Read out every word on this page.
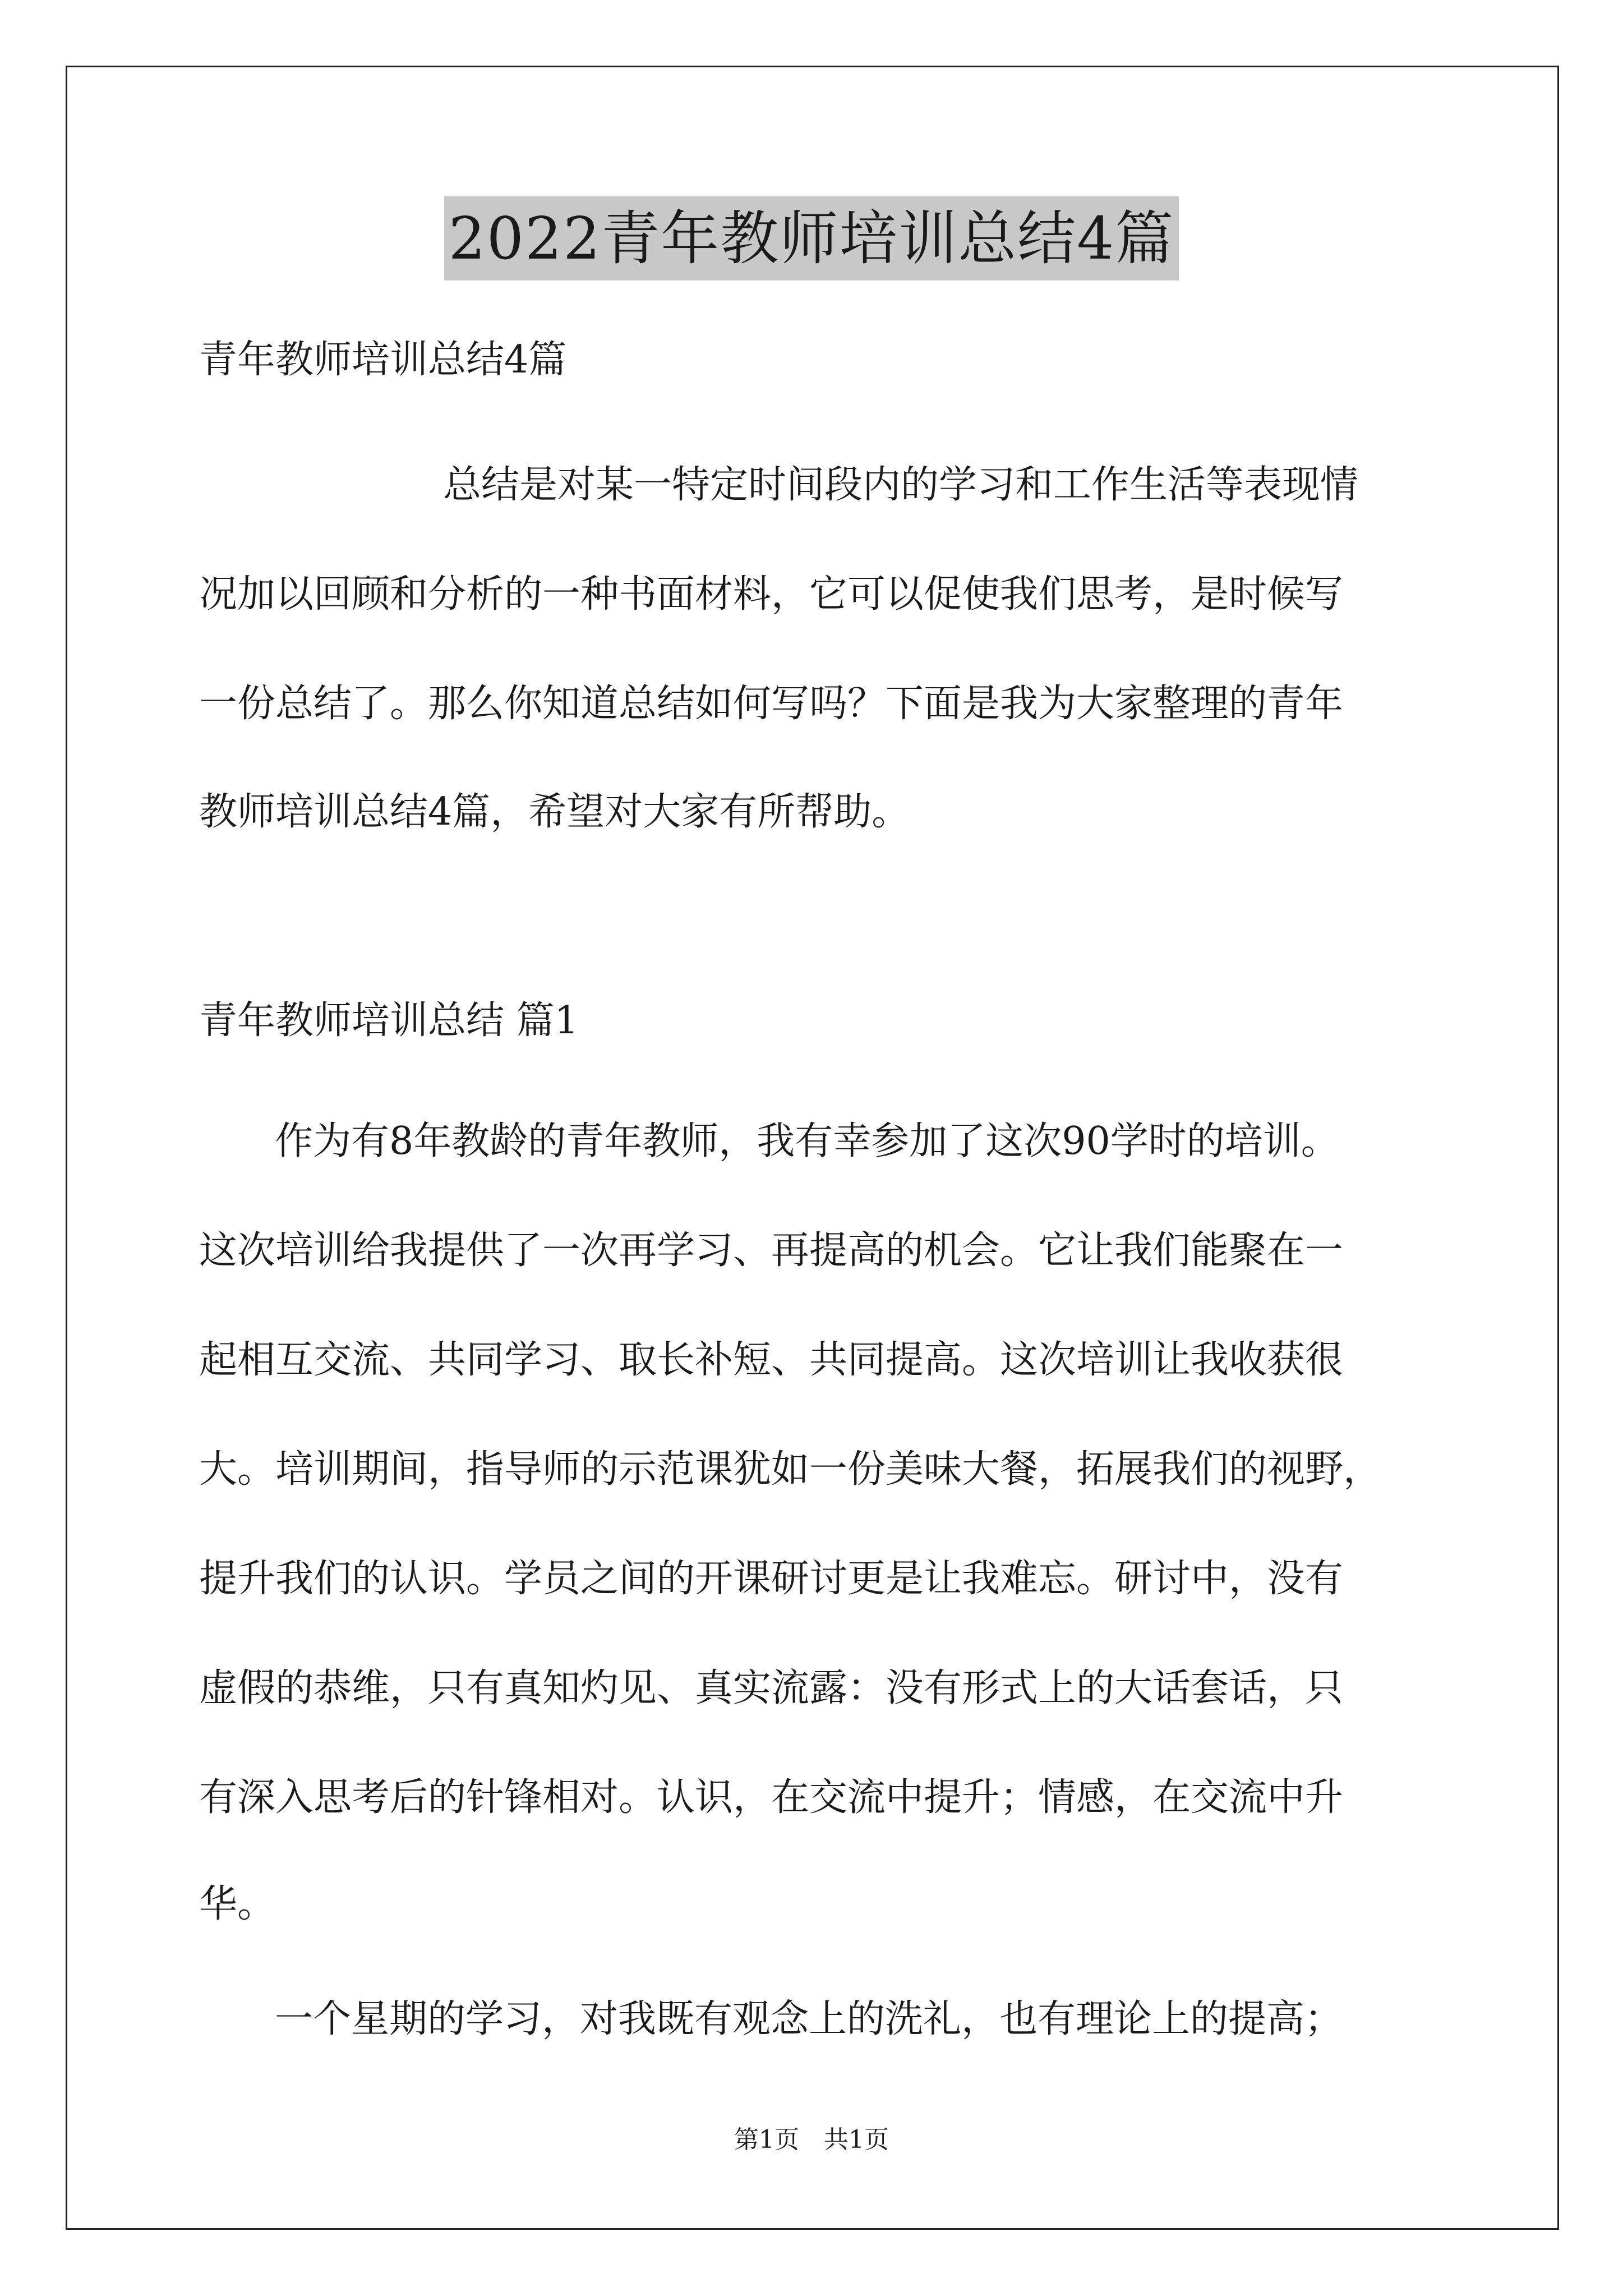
2022青年教师培训总结4篇
青年教师培训总结4篇
总结是对某一特定时间段内的学习和工作生活等表现情
况加以回顾和分析的一种书面材料，它可以促使我们思考，是时候写
一份总结了。那么你知道总结如何写吗？下面是我为大家整理的青年
教师培训总结4篇，希望对大家有所帮助。
青年教师培训总结 篇1
作为有8年教龄的青年教师，我有幸参加了这次90学时的培训。
这次培训给我提供了一次再学习、再提高的机会。它让我们能聚在一
起相互交流、共同学习、取长补短、共同提高。这次培训让我收获很
大。培训期间，指导师的示范课犹如一份美味大餐，拓展我们的视野，
提升我们的认识。学员之间的开课研讨更是让我难忘。研讨中，没有
虚假的恭维，只有真知灼见、真实流露：没有形式上的大话套话，只
有深入思考后的针锋相对。认识，在交流中提升；情感，在交流中升
华。
一个星期的学习，对我既有观念上的洗礼，也有理论上的提高；
第1页　共1页
